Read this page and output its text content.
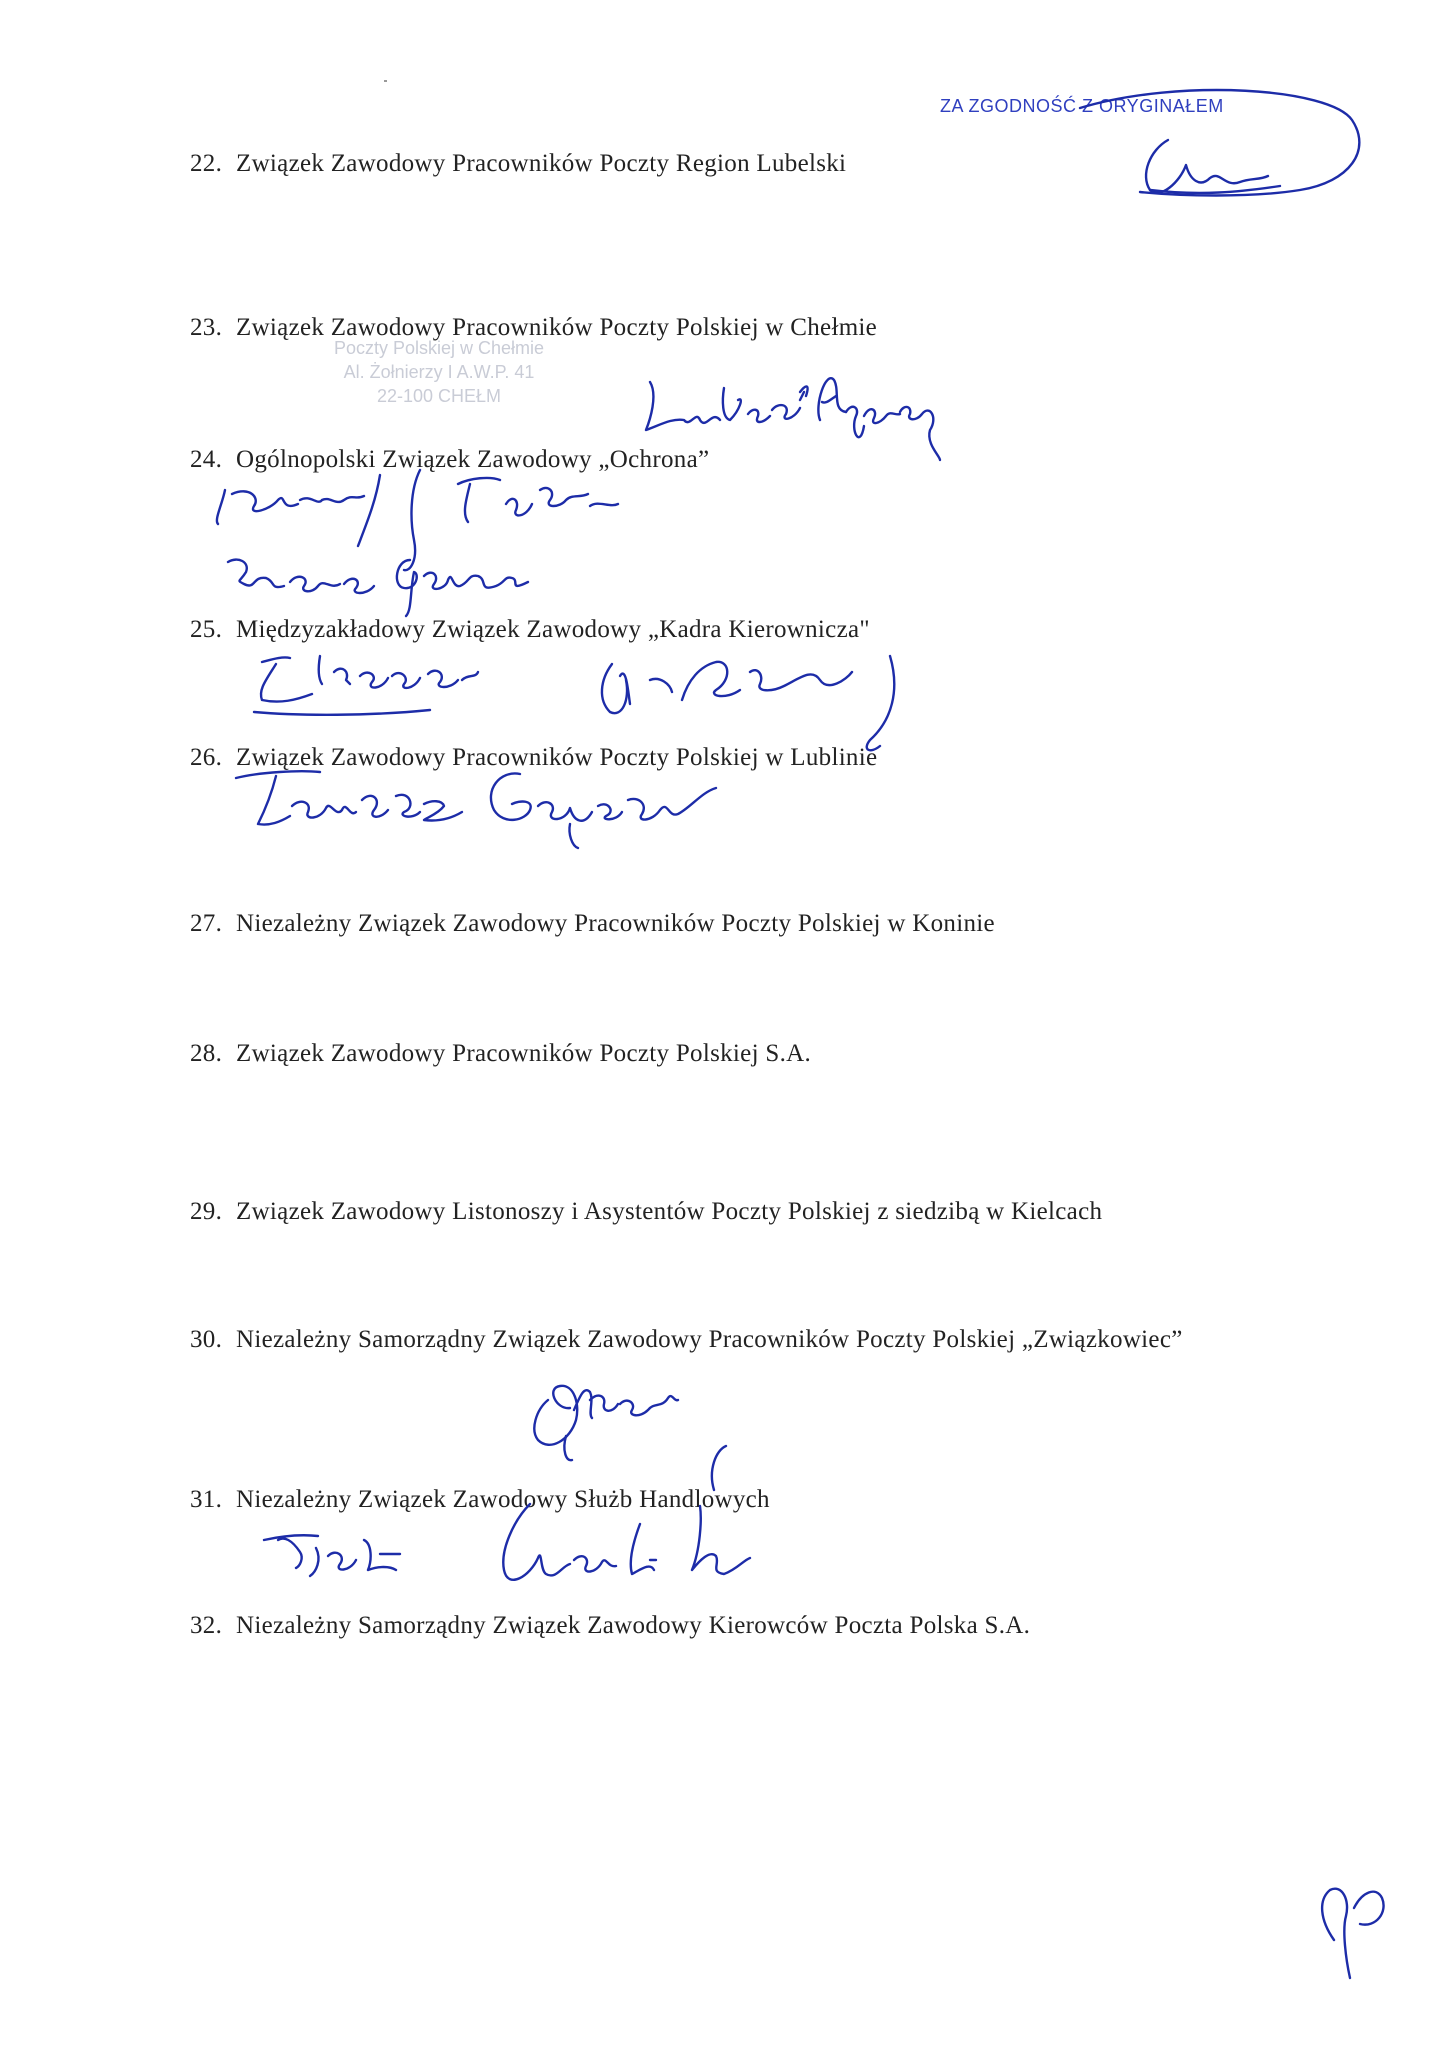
ZA ZGODNOŚĆ Z ORYGINAŁEM
Poczty Polskiej w Chełmie
Al. Żołnierzy I A.W.P. 41
22-100 CHEŁM
22. Związek Zawodowy Pracowników Poczty Region Lubelski
23. Związek Zawodowy Pracowników Poczty Polskiej w Chełmie
24. Ogólnopolski Związek Zawodowy „Ochrona”
25. Międzyzakładowy Związek Zawodowy „Kadra Kierownicza"
26. Związek Zawodowy Pracowników Poczty Polskiej w Lublinie
27. Niezależny Związek Zawodowy Pracowników Poczty Polskiej w Koninie
28. Związek Zawodowy Pracowników Poczty Polskiej S.A.
29. Związek Zawodowy Listonoszy i Asystentów Poczty Polskiej z siedzibą w Kielcach
30. Niezależny Samorządny Związek Zawodowy Pracowników Poczty Polskiej „Związkowiec”
31. Niezależny Związek Zawodowy Służb Handlowych
32. Niezależny Samorządny Związek Zawodowy Kierowców Poczta Polska S.A.
